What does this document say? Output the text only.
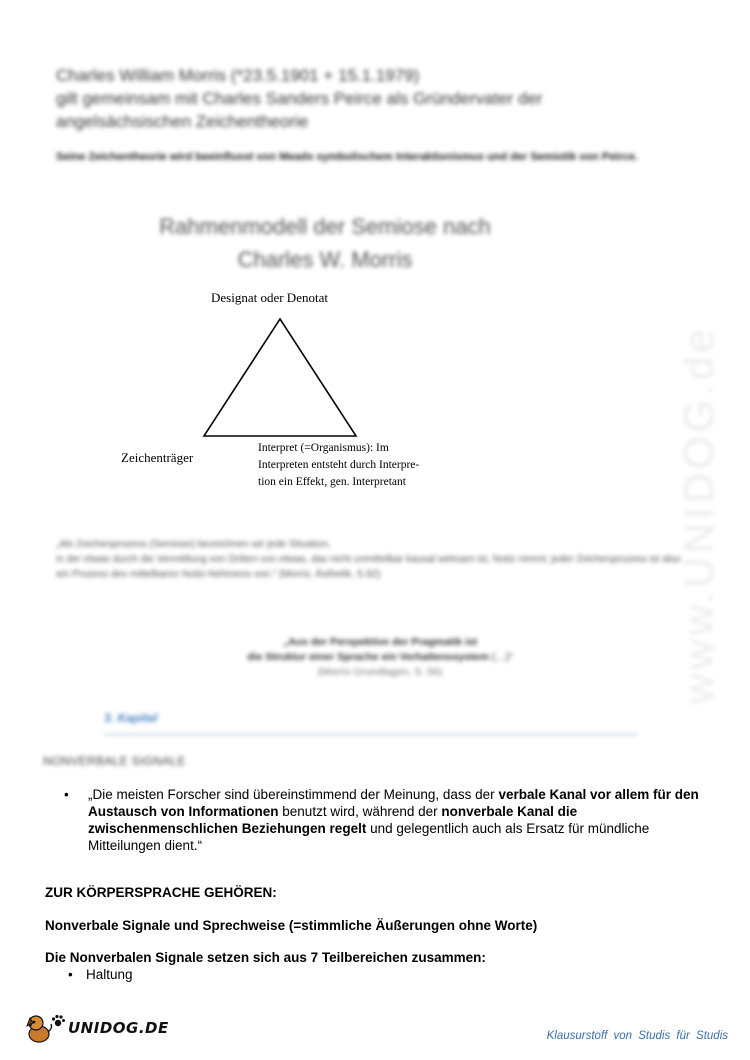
Charles William Morris (*23.5.1901 + 15.1.1979)
gilt gemeinsam mit Charles Sanders Peirce als Gründervater der
angelsächsischen Zeichentheorie
Seine Zeichentheorie wird beeinflusst von Meads symbolischem Interaktionismus und der Semiotik von Peirce.
Rahmenmodell der Semiose nach
Charles W. Morris
Designat oder Denotat
Zeichenträger
Interpret (=Organismus): Im
Interpreten entsteht durch Interpre-
tion ein Effekt, gen. Interpretant	www.UNIDOG.de
„Als Zeichenprozess (Semiose) bezeichnen wir jede Situation,
in der etwas durch die Vermittlung von Dritten von etwas, das nicht unmittelbar kausal wirksam ist, Notiz nimmt; jeder Zeichenprozess ist also ein Prozess des mittelbaren Notiz-Nehmens von.“ (Morris, Ästhetik, S.92)
„Aus der Perspektive der Pragmatik ist
die Struktur einer Sprache ein Verhaltenssystem (…)“
(Morris Grundlagen, S. 56)
3. Kapitel
NONVERBALE SIGNALE
• „Die meisten Forscher sind übereinstimmend der Meinung, dass der verbale Kanal vor allem für den Austausch von Informationen benutzt wird, während der nonverbale Kanal die zwischenmenschlichen Beziehungen regelt und gelegentlich auch als Ersatz für mündliche Mitteilungen dient.“
ZUR KÖRPERSPRACHE GEHÖREN:
Nonverbale Signale und Sprechweise (=stimmliche Äußerungen ohne Worte)
Die Nonverbalen Signale setzen sich aus 7 Teilbereichen zusammen:
• Haltung
UNIDOG.DE	Klausurstoff von Studis für Studis
